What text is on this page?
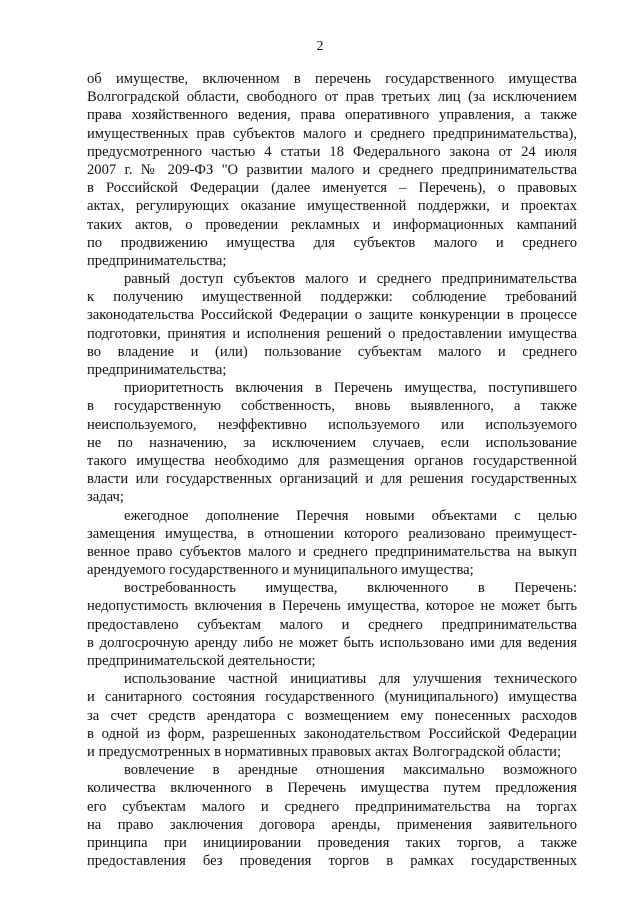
2
об имуществе, включенном в перечень государственного имущества
Волгоградской области, свободного от прав третьих лиц (за исключением
права хозяйственного ведения, права оперативного управления, а также
имущественных прав субъектов малого и среднего предпринимательства),
предусмотренного частью 4 статьи 18 Федерального закона от 24 июля
2007 г. № 209-ФЗ "О развитии малого и среднего предпринимательства
в Российской Федерации (далее именуется – Перечень), о правовых
актах, регулирующих оказание имущественной поддержки, и проектах
таких актов, о проведении рекламных и информационных кампаний
по продвижению имущества для субъектов малого и среднего
предпринимательства;
равный доступ субъектов малого и среднего предпринимательства
к получению имущественной поддержки: соблюдение требований
законодательства Российской Федерации о защите конкуренции в процессе
подготовки, принятия и исполнения решений о предоставлении имущества
во владение и (или) пользование субъектам малого и среднего
предпринимательства;
приоритетность включения в Перечень имущества, поступившего
в государственную собственность, вновь выявленного, а также
неиспользуемого, неэффективно используемого или используемого
не по назначению, за исключением случаев, если использование
такого имущества необходимо для размещения органов государственной
власти или государственных организаций и для решения государственных
задач;
ежегодное дополнение Перечня новыми объектами с целью
замещения имущества, в отношении которого реализовано преимущест-
венное право субъектов малого и среднего предпринимательства на выкуп
арендуемого государственного и муниципального имущества;
востребованность имущества, включенного в Перечень:
недопустимость включения в Перечень имущества, которое не может быть
предоставлено субъектам малого и среднего предпринимательства
в долгосрочную аренду либо не может быть использовано ими для ведения
предпринимательской деятельности;
использование частной инициативы для улучшения технического
и санитарного состояния государственного (муниципального) имущества
за счет средств арендатора с возмещением ему понесенных расходов
в одной из форм, разрешенных законодательством Российской Федерации
и предусмотренных в нормативных правовых актах Волгоградской области;
вовлечение в арендные отношения максимально возможного
количества включенного в Перечень имущества путем предложения
его субъектам малого и среднего предпринимательства на торгах
на право заключения договора аренды, применения заявительного
принципа при инициировании проведения таких торгов, а также
предоставления без проведения торгов в рамках государственных
